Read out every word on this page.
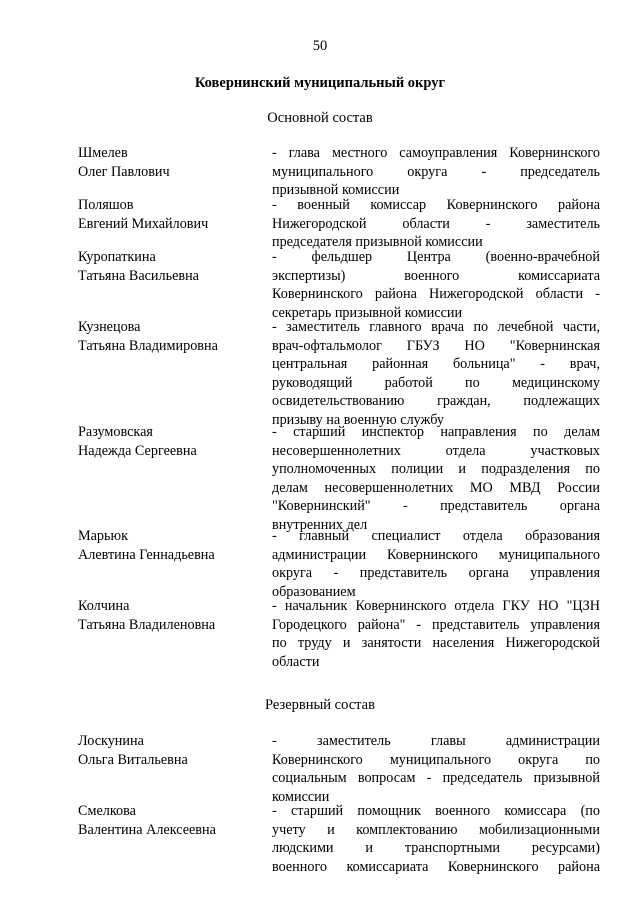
50
Ковернинский муниципальный округ
Основной состав
Шмелев
Олег Павлович
- глава местного самоуправления Ковернинского
муниципального округа - председатель
призывной комиссии
Поляшов
Евгений Михайлович
- военный комиссар Ковернинского района
Нижегородской области - заместитель
председателя призывной комиссии
Куропаткина
Татьяна Васильевна
- фельдшер Центра (военно-врачебной
экспертизы) военного комиссариата
Ковернинского района Нижегородской области -
секретарь призывной комиссии
Кузнецова
Татьяна Владимировна
- заместитель главного врача по лечебной части,
врач-офтальмолог ГБУЗ НО "Ковернинская
центральная районная больница" - врач,
руководящий работой по медицинскому
освидетельствованию граждан, подлежащих
призыву на военную службу
Разумовская
Надежда Сергеевна
- старший инспектор направления по делам
несовершеннолетних отдела участковых
уполномоченных полиции и подразделения по
делам несовершеннолетних МО МВД России
"Ковернинский" - представитель органа
внутренних дел
Марьюк
Алевтина Геннадьевна
- главный специалист отдела образования
администрации Ковернинского муниципального
округа - представитель органа управления
образованием
Колчина
Татьяна Владиленовна
- начальник Ковернинского отдела ГКУ НО "ЦЗН
Городецкого района" - представитель управления
по труду и занятости населения Нижегородской
области
Резервный состав
Лоскунина
Ольга Витальевна
- заместитель главы администрации
Ковернинского муниципального округа по
социальным вопросам - председатель призывной
комиссии
Смелкова
Валентина Алексеевна
- старший помощник военного комиссара (по
учету и комплектованию мобилизационными
людскими и транспортными ресурсами)
военного комиссариата Ковернинского района
